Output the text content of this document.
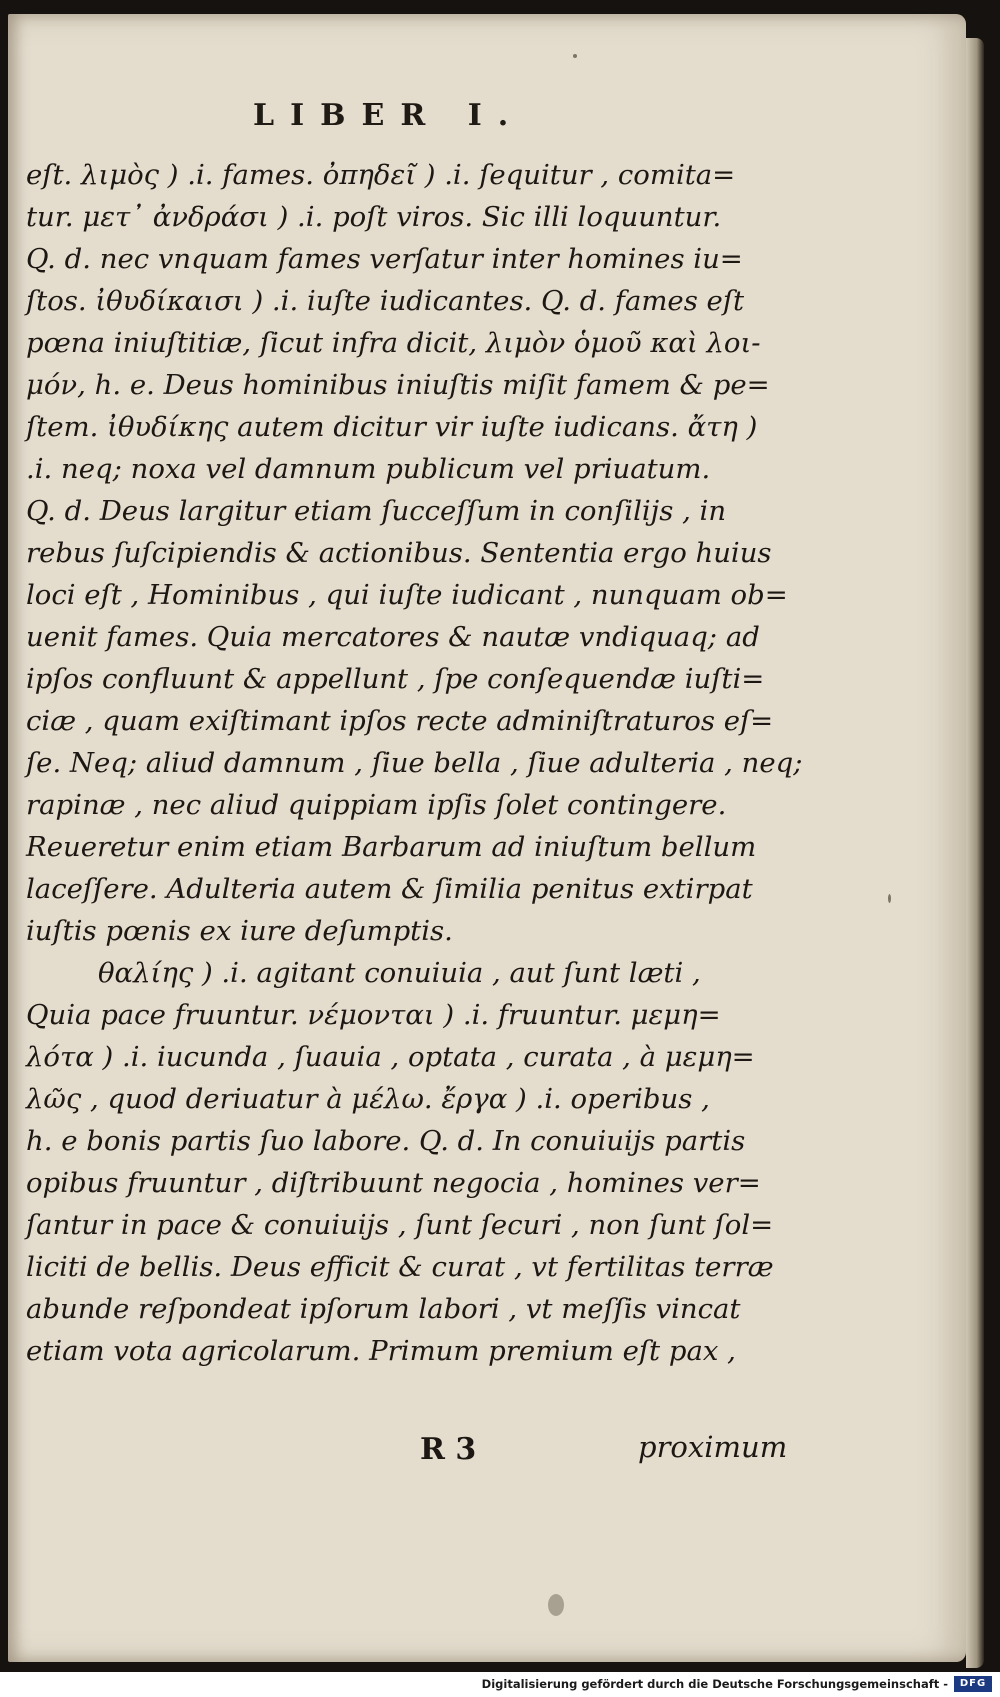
LIBER I.
eſt. λιμὸς ) .i. fames. ὀπηδεῖ ) .i. ſequitur , comita=
tur. μετ᾽ ἀνδράσι ) .i. poſt viros. Sic illi loquuntur.
Q. d. nec vnquam fames verſatur inter homines iu=
ſtos. ἰθυδίκαισι ) .i. iuſte iudicantes. Q. d. fames eſt
pœna iniuſtitiæ, ſicut infra dicit, λιμὸν ὁμοῦ καὶ λοι-
μόν, h. e. Deus hominibus iniuſtis miſit famem & pe=
ſtem. ἰθυδίκης autem dicitur vir iuſte iudicans. ἄτη )
.i. neq; noxa vel damnum publicum vel priuatum.
Q. d. Deus largitur etiam ſucceſſum in conſilijs , in
rebus ſuſcipiendis & actionibus. Sententia ergo huius
loci eſt , Hominibus , qui iuſte iudicant , nunquam ob=
uenit fames. Quia mercatores & nautæ vndiquaq; ad
ipſos confluunt & appellunt , ſpe conſequendæ iuſti=
ciæ , quam exiſtimant ipſos recte adminiſtraturos eſ=
ſe. Neq; aliud damnum , ſiue bella , ſiue adulteria , neq;
rapinæ , nec aliud quippiam ipſis ſolet contingere.
Reueretur enim etiam Barbarum ad iniuſtum bellum
laceſſere. Adulteria autem & ſimilia penitus extirpat
iuſtis pœnis ex iure deſumptis.
θαλίης ) .i. agitant conuiuia , aut ſunt læti ,
Quia pace fruuntur. νέμονται ) .i. fruuntur. μεμη=
λότα ) .i. iucunda , ſuauia , optata , curata , à μεμη=
λῶς , quod deriuatur à μέλω. ἔργα ) .i. operibus ,
h. e bonis partis ſuo labore. Q. d. In conuiuijs partis
opibus fruuntur , diſtribuunt negocia , homines ver=
ſantur in pace & conuiuijs , ſunt ſecuri , non ſunt ſol=
liciti de bellis. Deus efficit & curat , vt fertilitas terræ
abunde reſpondeat ipſorum labori , vt meſſis vincat
etiam vota agricolarum. Primum premium eſt pax ,
R 3	proximum
Digitalisierung gefördert durch die Deutsche Forschungsgemeinschaft -	DFG
